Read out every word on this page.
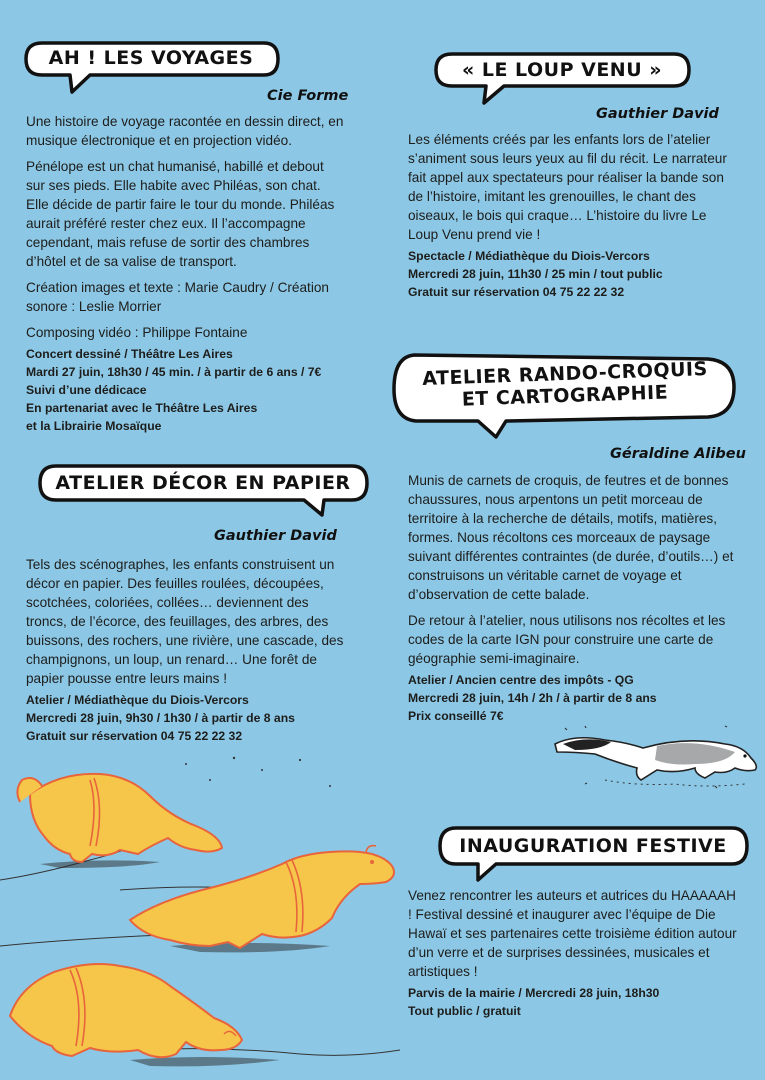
AH ! LES VOYAGES
Cie Forme

Une histoire de voyage racontée en dessin direct, en musique électronique et en projection vidéo.

Pénélope est un chat humanisé, habillé et debout sur ses pieds. Elle habite avec Philéas, son chat. Elle décide de partir faire le tour du monde. Philéas aurait préféré rester chez eux. Il l’accompagne cependant, mais refuse de sortir des chambres d’hôtel et de sa valise de transport.

Création images et texte : Marie Caudry / Création sonore : Leslie Morrier

Composing vidéo : Philippe Fontaine

Concert dessiné / Théâtre Les Aires
Mardi 27 juin, 18h30 / 45 min. / à partir de 6 ans / 7€
Suivi d’une dédicace
En partenariat avec le Théâtre Les Aires
et la Librairie Mosaïque
ATELIER DÉCOR EN PAPIER
Gauthier David

Tels des scénographes, les enfants construisent un décor en papier. Des feuilles roulées, découpées, scotchées, coloriées, collées… deviennent des troncs, de l’écorce, des feuillages, des arbres, des buissons, des rochers, une rivière, une cascade, des champignons, un loup, un renard… Une forêt de papier pousse entre leurs mains !

Atelier / Médiathèque du Diois-Vercors
Mercredi 28 juin, 9h30 / 1h30 / à partir de 8 ans
Gratuit sur réservation 04 75 22 22 32
« LE LOUP VENU »
Gauthier David

Les éléments créés par les enfants lors de l’atelier s’animent sous leurs yeux au fil du récit. Le narrateur fait appel aux spectateurs pour réaliser la bande son de l’histoire, imitant les grenouilles, le chant des oiseaux, le bois qui craque… L’histoire du livre Le Loup Venu prend vie !

Spectacle / Médiathèque du Diois-Vercors
Mercredi 28 juin, 11h30 / 25 min / tout public
Gratuit sur réservation 04 75 22 22 32
ATELIER RANDO-CROQUIS
ET CARTOGRAPHIE
Géraldine Alibeu

Munis de carnets de croquis, de feutres et de bonnes chaussures, nous arpentons un petit morceau de territoire à la recherche de détails, motifs, matières, formes. Nous récoltons ces morceaux de paysage suivant différentes contraintes (de durée, d’outils…) et construisons un véritable carnet de voyage et d’observation de cette balade.

De retour à l’atelier, nous utilisons nos récoltes et les codes de la carte IGN pour construire une carte de géographie semi-imaginaire.

Atelier / Ancien centre des impôts - QG
Mercredi 28 juin, 14h / 2h / à partir de 8 ans
Prix conseillé 7€
INAUGURATION FESTIVE

Venez rencontrer les auteurs et autrices du HAAAAAH ! Festival dessiné et inaugurer avec l’équipe de Die Hawaï et ses partenaires cette troisième édition autour d’un verre et de surprises dessinées, musicales et artistiques !

Parvis de la mairie / Mercredi 28 juin, 18h30
Tout public / gratuit
